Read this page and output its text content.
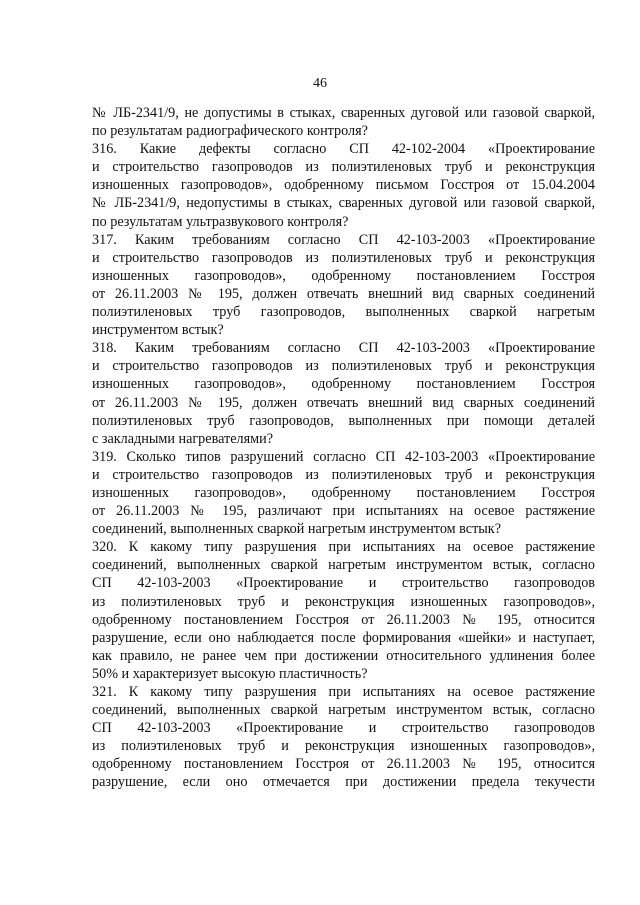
46
№ ЛБ-2341/9, не допустимы в стыках, сваренных дуговой или газовой сваркой,
по результатам радиографического контроля?
316. Какие дефекты согласно СП 42-102-2004 «Проектирование
и строительство газопроводов из полиэтиленовых труб и реконструкция
изношенных газопроводов», одобренному письмом Госстроя от 15.04.2004
№ ЛБ-2341/9, недопустимы в стыках, сваренных дуговой или газовой сваркой,
по результатам ультразвукового контроля?
317. Каким требованиям согласно СП 42-103-2003 «Проектирование
и строительство газопроводов из полиэтиленовых труб и реконструкция
изношенных газопроводов», одобренному постановлением Госстроя
от 26.11.2003 № 195, должен отвечать внешний вид сварных соединений
полиэтиленовых труб газопроводов, выполненных сваркой нагретым
инструментом встык?
318. Каким требованиям согласно СП 42-103-2003 «Проектирование
и строительство газопроводов из полиэтиленовых труб и реконструкция
изношенных газопроводов», одобренному постановлением Госстроя
от 26.11.2003 № 195, должен отвечать внешний вид сварных соединений
полиэтиленовых труб газопроводов, выполненных при помощи деталей
с закладными нагревателями?
319. Сколько типов разрушений согласно СП 42-103-2003 «Проектирование
и строительство газопроводов из полиэтиленовых труб и реконструкция
изношенных газопроводов», одобренному постановлением Госстроя
от 26.11.2003 № 195, различают при испытаниях на осевое растяжение
соединений, выполненных сваркой нагретым инструментом встык?
320. К какому типу разрушения при испытаниях на осевое растяжение
соединений, выполненных сваркой нагретым инструментом встык, согласно
СП 42-103-2003 «Проектирование и строительство газопроводов
из полиэтиленовых труб и реконструкция изношенных газопроводов»,
одобренному постановлением Госстроя от 26.11.2003 № 195, относится
разрушение, если оно наблюдается после формирования «шейки» и наступает,
как правило, не ранее чем при достижении относительного удлинения более
50% и характеризует высокую пластичность?
321. К какому типу разрушения при испытаниях на осевое растяжение
соединений, выполненных сваркой нагретым инструментом встык, согласно
СП 42-103-2003 «Проектирование и строительство газопроводов
из полиэтиленовых труб и реконструкция изношенных газопроводов»,
одобренному постановлением Госстроя от 26.11.2003 № 195, относится
разрушение, если оно отмечается при достижении предела текучести
